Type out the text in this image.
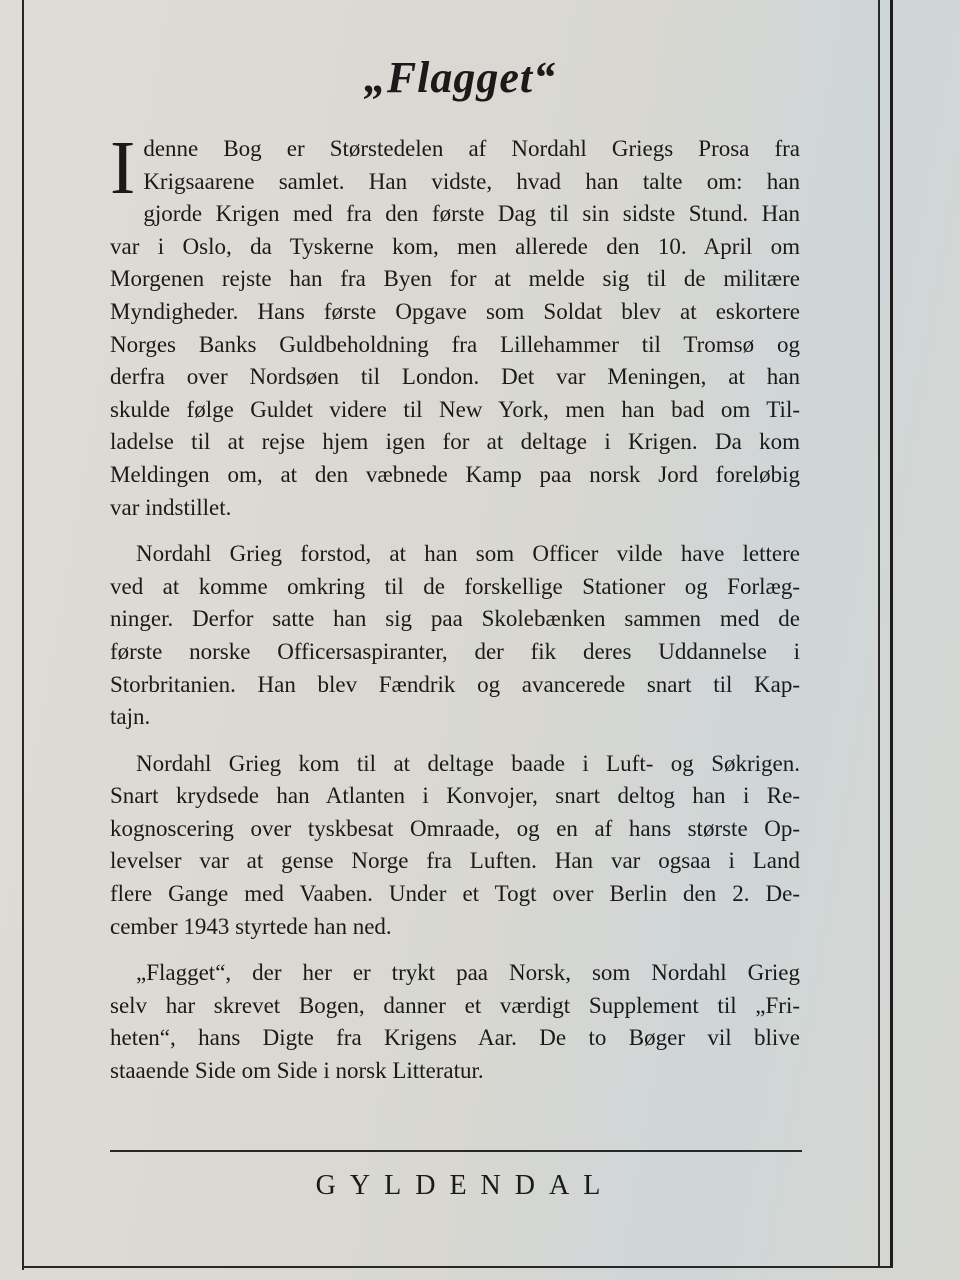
„Flagget“
I denne Bog er Størstedelen af Nordahl Griegs Prosa fra
Krigsaarene samlet. Han vidste, hvad han talte om: han
gjorde Krigen med fra den første Dag til sin sidste Stund. Han
var i Oslo, da Tyskerne kom, men allerede den 10. April om
Morgenen rejste han fra Byen for at melde sig til de militære
Myndigheder. Hans første Opgave som Soldat blev at eskortere
Norges Banks Guldbeholdning fra Lillehammer til Tromsø og
derfra over Nordsøen til London. Det var Meningen, at han
skulde følge Guldet videre til New York, men han bad om Til-
ladelse til at rejse hjem igen for at deltage i Krigen. Da kom
Meldingen om, at den væbnede Kamp paa norsk Jord foreløbig
var indstillet.
Nordahl Grieg forstod, at han som Officer vilde have lettere
ved at komme omkring til de forskellige Stationer og Forlæg-
ninger. Derfor satte han sig paa Skolebænken sammen med de
første norske Officersaspiranter, der fik deres Uddannelse i
Storbritanien. Han blev Fændrik og avancerede snart til Kap-
tajn.
Nordahl Grieg kom til at deltage baade i Luft- og Søkrigen.
Snart krydsede han Atlanten i Konvojer, snart deltog han i Re-
kognoscering over tyskbesat Omraade, og en af hans største Op-
levelser var at gense Norge fra Luften. Han var ogsaa i Land
flere Gange med Vaaben. Under et Togt over Berlin den 2. De-
cember 1943 styrtede han ned.
„Flagget“, der her er trykt paa Norsk, som Nordahl Grieg
selv har skrevet Bogen, danner et værdigt Supplement til „Fri-
heten“, hans Digte fra Krigens Aar. De to Bøger vil blive
staaende Side om Side i norsk Litteratur.
GYLDENDAL
